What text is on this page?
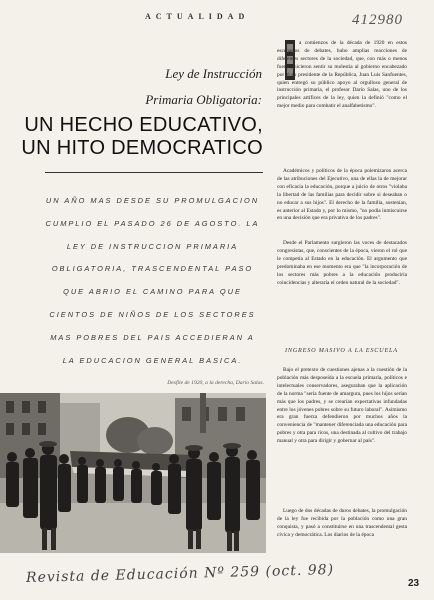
ACTUALIDAD	412980
Ley de Instrucción
Primaria Obligatoria:
UN HECHO EDUCATIVO,
UN HITO DEMOCRATICO
UN AÑO MAS DESDE SU PROMULGACION CUMPLIO EL PASADO 26 DE AGOSTO. LA LEY DE INSTRUCCION PRIMARIA OBLIGATORIA, TRASCENDENTAL PASO QUE ABRIO EL CAMINO PARA QUE CIENTOS DE NIÑOS DE LOS SECTORES MAS POBRES DEL PAIS ACCEDIERAN A LA EDUCACION GENERAL BASICA.
Desfile de 1920, a la derecha, Darío Salas.

a comienzos de la década de 1920 en estos escenarios de debates, hubo amplias reacciones de diferentes sectores de la sociedad, que, con más o menos fuerza, hicieron sentir su molestia al gobierno encabezado por el ex presidente de la República, Juan Luis Sanfuentes, quien entregó su público apoyo al orgulloso general de instrucción primaria, el profesor Darío Salas, uno de los principales artífices de la ley, quien la definió "como el mejor medio para combatir el analfabetismo".

Académicos y políticos de la época polemizaron acerca de las atribuciones del Ejecutivo, una de ellas la de mejorar con eficacia la educación, porque a juicio de otros "violaba la libertad de las familias para decidir sobre si deseaban o no educar a sus hijos". El derecho de la familia, sostenían, es anterior al Estado y, por lo mismo, "no podía inmiscuirse en una decisión que era privativa de los padres".

Desde el Parlamento surgieron las voces de destacados congresistas, que, conscientes de la época, vieron el rol que le competía al Estado en la educación. El argumento que predominaba en ese momento era que "la incorporación de los sectores más pobres a la educación produciría coincidencias y alteraría el orden natural de la sociedad".

INGRESO MASIVO A LA ESCUELA

Bajo el pretexto de cuestiones ajenas a la cuestión de la población más desposeída a la escuela primaria, políticos e intelectuales conservadores, aseguraban que la aplicación de la norma "sería fuente de amargura, pues los hijos serían más que los padres, y se crearían expectativas infundadas entre los jóvenes pobres sobre su futuro laboral". Asimismo era gran fuerza defendieron por muchos años la conveniencia de "mantener diferenciada una educación para pobres y otra para ricos, una destinada al cultivo del trabajo manual y otra para dirigir y gobernar al país".

Luego de dos décadas de duros debates, la promulgación de la ley fue recibida por la población como una gran conquista, y pasó a constituirse en una trascendental gesta cívica y democrática. Los diarios de la época

Revista de Educación Nº 259 (oct. 98)	23
